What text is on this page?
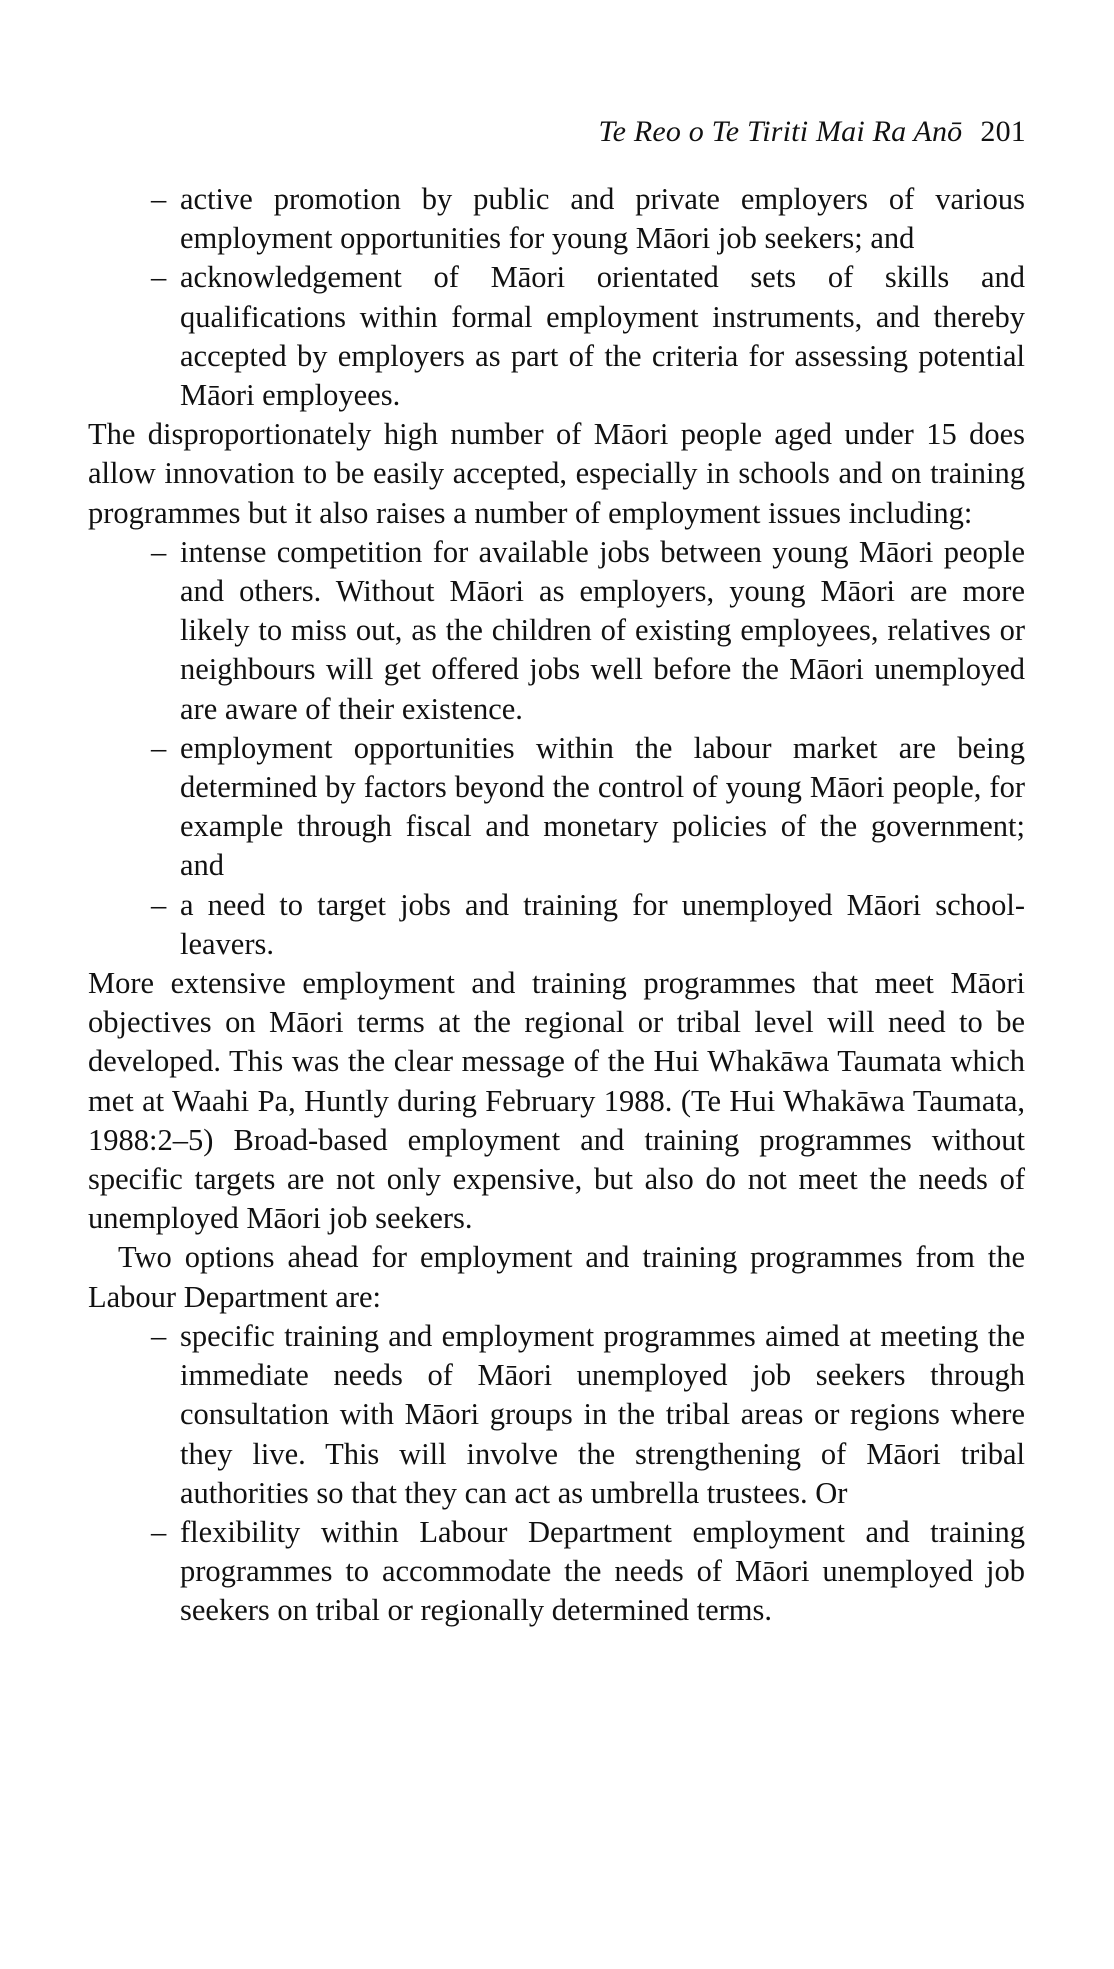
Te Reo o Te Tiriti Mai Ra Anō 201
– active promotion by public and private employers of various employment opportunities for young Māori job seekers; and
– acknowledgement of Māori orientated sets of skills and qualifications within formal employment instruments, and thereby accepted by employers as part of the criteria for assessing potential Māori employees.

The disproportionately high number of Māori people aged under 15 does allow innovation to be easily accepted, especially in schools and on training programmes but it also raises a number of employment issues including:

– intense competition for available jobs between young Māori people and others. Without Māori as employers, young Māori are more likely to miss out, as the children of existing employees, relatives or neighbours will get offered jobs well before the Māori unemployed are aware of their existence.
– employment opportunities within the labour market are being determined by factors beyond the control of young Māori people, for example through fiscal and monetary policies of the government; and
– a need to target jobs and training for unemployed Māori school-leavers.

More extensive employment and training programmes that meet Māori objectives on Māori terms at the regional or tribal level will need to be developed. This was the clear message of the Hui Whakāwa Taumata which met at Waahi Pa, Huntly during February 1988. (Te Hui Whakāwa Taumata, 1988:2–5) Broad-based employment and training programmes without specific targets are not only expensive, but also do not meet the needs of unemployed Māori job seekers.

Two options ahead for employment and training programmes from the Labour Department are:

– specific training and employment programmes aimed at meeting the immediate needs of Māori unemployed job seekers through consultation with Māori groups in the tribal areas or regions where they live. This will involve the strengthening of Māori tribal authorities so that they can act as umbrella trustees. Or
– flexibility within Labour Department employment and training programmes to accommodate the needs of Māori unemployed job seekers on tribal or regionally determined terms.
